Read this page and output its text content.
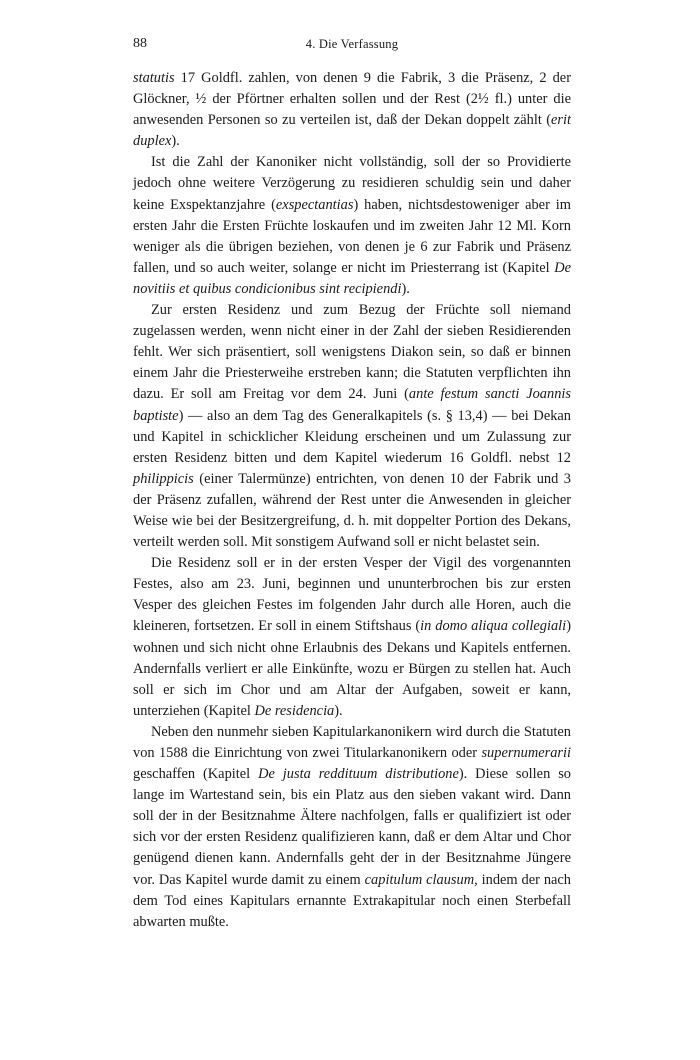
88	4. Die Verfassung

statutis 17 Goldfl. zahlen, von denen 9 die Fabrik, 3 die Präsenz, 2 der Glöckner, ½ der Pförtner erhalten sollen und der Rest (2½ fl.) unter die anwesenden Personen so zu verteilen ist, daß der Dekan doppelt zählt (erit duplex).

Ist die Zahl der Kanoniker nicht vollständig, soll der so Providierte jedoch ohne weitere Verzögerung zu residieren schuldig sein und daher keine Exspektanzjahre (exspectantias) haben, nichtsdestoweniger aber im ersten Jahr die Ersten Früchte loskaufen und im zweiten Jahr 12 Ml. Korn weniger als die übrigen beziehen, von denen je 6 zur Fabrik und Präsenz fallen, und so auch weiter, solange er nicht im Priesterrang ist (Kapitel De novitiis et quibus condicionibus sint recipiendi).

Zur ersten Residenz und zum Bezug der Früchte soll niemand zugelassen werden, wenn nicht einer in der Zahl der sieben Residierenden fehlt. Wer sich präsentiert, soll wenigstens Diakon sein, so daß er binnen einem Jahr die Priesterweihe erstreben kann; die Statuten verpflichten ihn dazu. Er soll am Freitag vor dem 24. Juni (ante festum sancti Joannis baptiste) — also an dem Tag des Generalkapitels (s. § 13,4) — bei Dekan und Kapitel in schicklicher Kleidung erscheinen und um Zulassung zur ersten Residenz bitten und dem Kapitel wiederum 16 Goldfl. nebst 12 philippicis (einer Talermünze) entrichten, von denen 10 der Fabrik und 3 der Präsenz zufallen, während der Rest unter die Anwesenden in gleicher Weise wie bei der Besitzergreifung, d. h. mit doppelter Portion des Dekans, verteilt werden soll. Mit sonstigem Aufwand soll er nicht belastet sein.

Die Residenz soll er in der ersten Vesper der Vigil des vorgenannten Festes, also am 23. Juni, beginnen und ununterbrochen bis zur ersten Vesper des gleichen Festes im folgenden Jahr durch alle Horen, auch die kleineren, fortsetzen. Er soll in einem Stiftshaus (in domo aliqua collegiali) wohnen und sich nicht ohne Erlaubnis des Dekans und Kapitels entfernen. Andernfalls verliert er alle Einkünfte, wozu er Bürgen zu stellen hat. Auch soll er sich im Chor und am Altar der Aufgaben, soweit er kann, unterziehen (Kapitel De residencia).

Neben den nunmehr sieben Kapitularkanonikern wird durch die Statuten von 1588 die Einrichtung von zwei Titularkanonikern oder supernumerarii geschaffen (Kapitel De justa reddituum distributione). Diese sollen so lange im Wartestand sein, bis ein Platz aus den sieben vakant wird. Dann soll der in der Besitznahme Ältere nachfolgen, falls er qualifiziert ist oder sich vor der ersten Residenz qualifizieren kann, daß er dem Altar und Chor genügend dienen kann. Andernfalls geht der in der Besitznahme Jüngere vor. Das Kapitel wurde damit zu einem capitulum clausum, indem der nach dem Tod eines Kapitulars ernannte Extrakapitular noch einen Sterbefall abwarten mußte.
